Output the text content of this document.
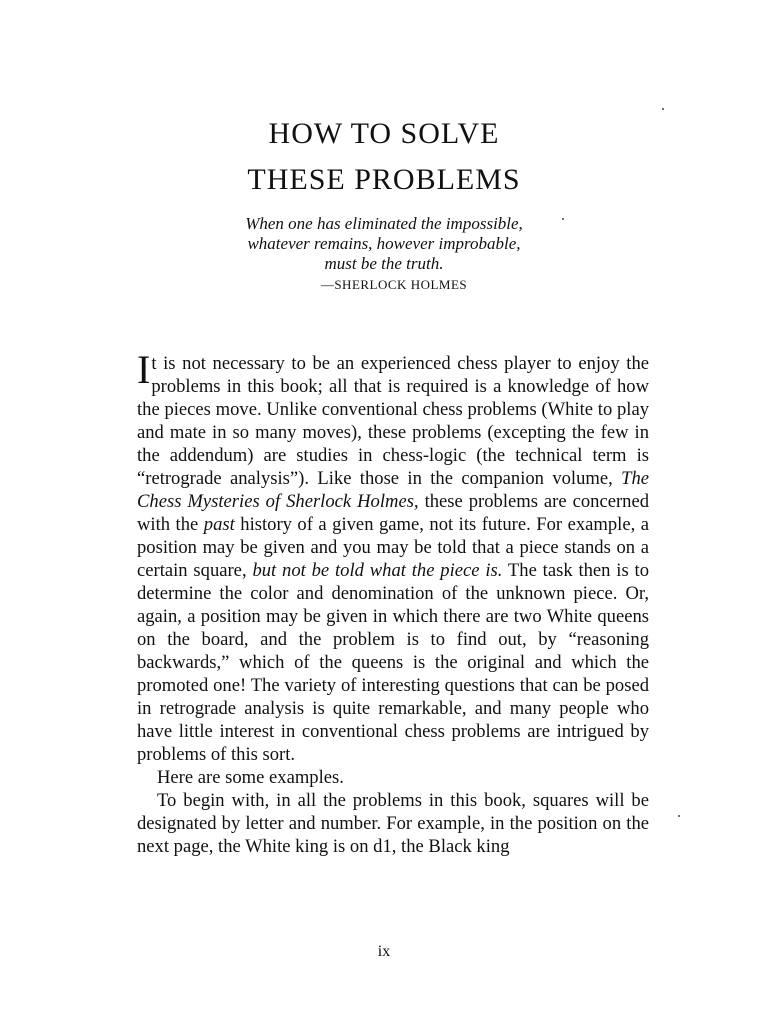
HOW TO SOLVE
THESE PROBLEMS
When one has eliminated the impossible,
whatever remains, however improbable,
must be the truth.
—SHERLOCK HOLMES

It is not necessary to be an experienced chess player to enjoy the problems in this book; all that is required is a knowledge of how the pieces move. Unlike conventional chess problems (White to play and mate in so many moves), these problems (excepting the few in the addendum) are studies in chess-logic (the technical term is “retrograde analysis”). Like those in the companion volume, The Chess Mysteries of Sherlock Holmes, these problems are concerned with the past history of a given game, not its future. For example, a position may be given and you may be told that a piece stands on a certain square, but not be told what the piece is. The task then is to determine the color and denomination of the unknown piece. Or, again, a position may be given in which there are two White queens on the board, and the problem is to find out, by “reasoning backwards,” which of the queens is the original and which the promoted one! The variety of interesting questions that can be posed in retrograde analysis is quite remarkable, and many people who have little interest in conventional chess problems are intrigued by problems of this sort.

Here are some examples.

To begin with, in all the problems in this book, squares will be designated by letter and number. For example, in the position on the next page, the White king is on d1, the Black king

ix
